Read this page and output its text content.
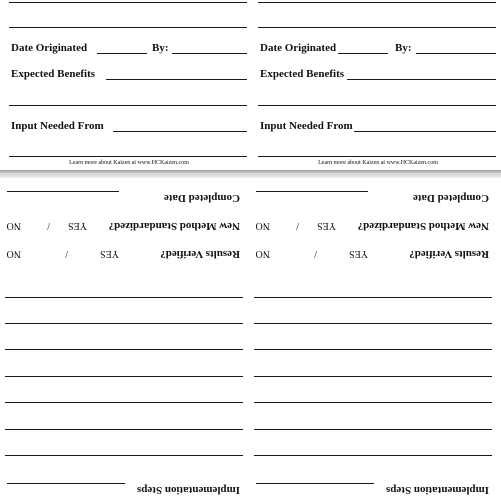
Date Originated	By:
Expected Benefits
Input Needed From
Learn more about Kaizen at www.HCKaizen.com
Date Originated	By:
Expected Benefits
Input Needed From
Learn more about Kaizen at www.HCKaizen.com
Implementation Steps
Results Verified?
YES
/
NO
New Method Standardized?
YES
/
NO
Completed Date
Implementation Steps
Results Verified?
YES
/
NO
New Method Standardized?
YES
/
NO
Completed Date
